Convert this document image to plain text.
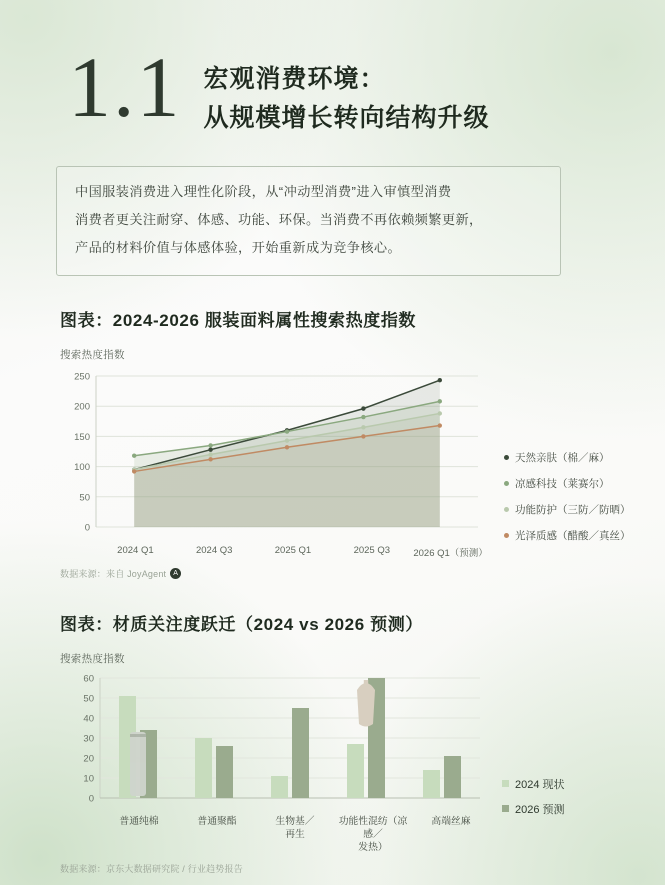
1.1 宏观消费环境：
从规模增长转向结构升级

中国服装消费进入理性化阶段，从“冲动型消费”进入审慎型消费

消费者更关注耐穿、体感、功能、环保。当消费不再依赖频繁更新，

产品的材料价值与体感体验，开始重新成为竞争核心。

图表：2024-2026 服装面料属性搜索热度指数
搜索热度指数
0
50
100
150
200
250
2024 Q1	2024 Q3	2025 Q1	2025 Q3	2026 Q1（预测）
天然亲肤（棉／麻）
凉感科技（莱赛尔）
功能防护（三防／防晒）
光泽质感（醋酸／真丝）
数据来源：来自 JoyAgent	A
图表：材质关注度跃迁（2024 vs 2026 预测）
搜索热度指数
0
10
20
30
40
50
60
普通纯棉	普通聚酯	生物基／
再生
功能性混纺（凉感／
发热）
高端丝麻
2024 现状
2026 预测
数据来源：京东大数据研究院 / 行业趋势报告
